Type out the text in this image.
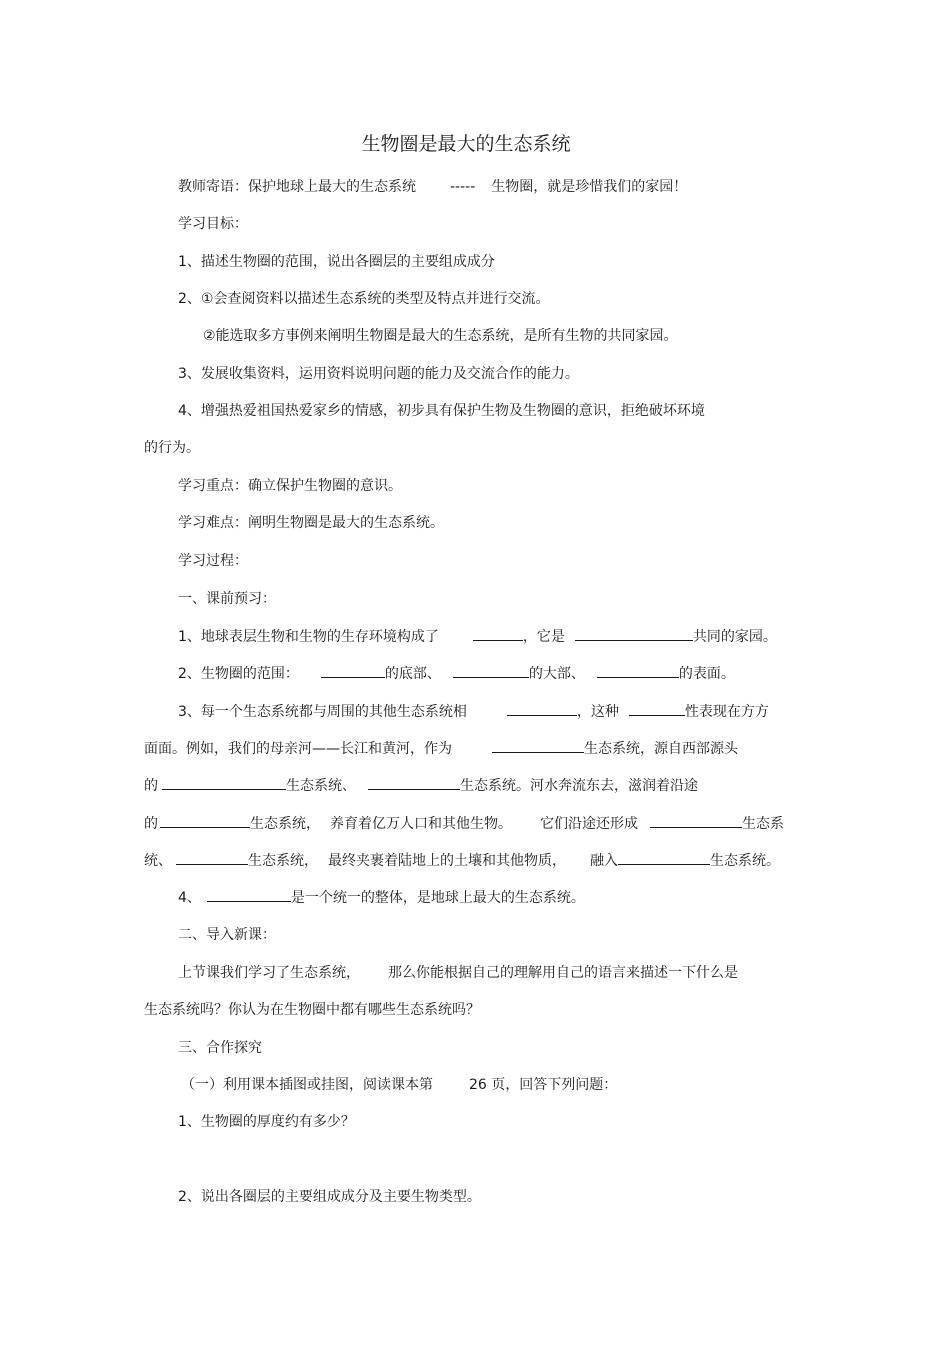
生物圈是最大的生态系统
教师寄语：保护地球上最大的生态系统 ----- 生物圈，就是珍惜我们的家园！
学习目标：
1、描述生物圈的范围，说出各圈层的主要组成成分
2、①会查阅资料以描述生态系统的类型及特点并进行交流。
②能选取多方事例来阐明生物圈是最大的生态系统，是所有生物的共同家园。
3、发展收集资料，运用资料说明问题的能力及交流合作的能力。
4、增强热爱祖国热爱家乡的情感，初步具有保护生物及生物圈的意识，拒绝破坏环境
的行为。
学习重点：确立保护生物圈的意识。
学习难点：阐明生物圈是最大的生态系统。
学习过程：
一、课前预习：
1、地球表层生物和生物的生存环境构成了	，它是	共同的家园。
2、生物圈的范围：	的底部、	的大部、	的表面。
3、每一个生态系统都与周围的其他生态系统相	，这种	性表现在方方
面面。例如，我们的母亲河——长江和黄河，作为	生态系统，源自西部源头
的	生态系统、	生态系统。河水奔流东去，滋润着沿途
的	生态系统， 养育着亿万人口和其他生物。 它们沿途还形成	生态系
统、	生态系统， 最终夹裹着陆地上的土壤和其他物质， 融入	生态系统。
4、	是一个统一的整体，是地球上最大的生态系统。
二、导入新课：
上节课我们学习了生态系统， 那么你能根据自己的理解用自己的语言来描述一下什么是
生态系统吗？你认为在生物圈中都有哪些生态系统吗？
三、合作探究
（一）利用课本插图或挂图，阅读课本第	26 页，回答下列问题：
1、生物圈的厚度约有多少？
2、说出各圈层的主要组成成分及主要生物类型。
